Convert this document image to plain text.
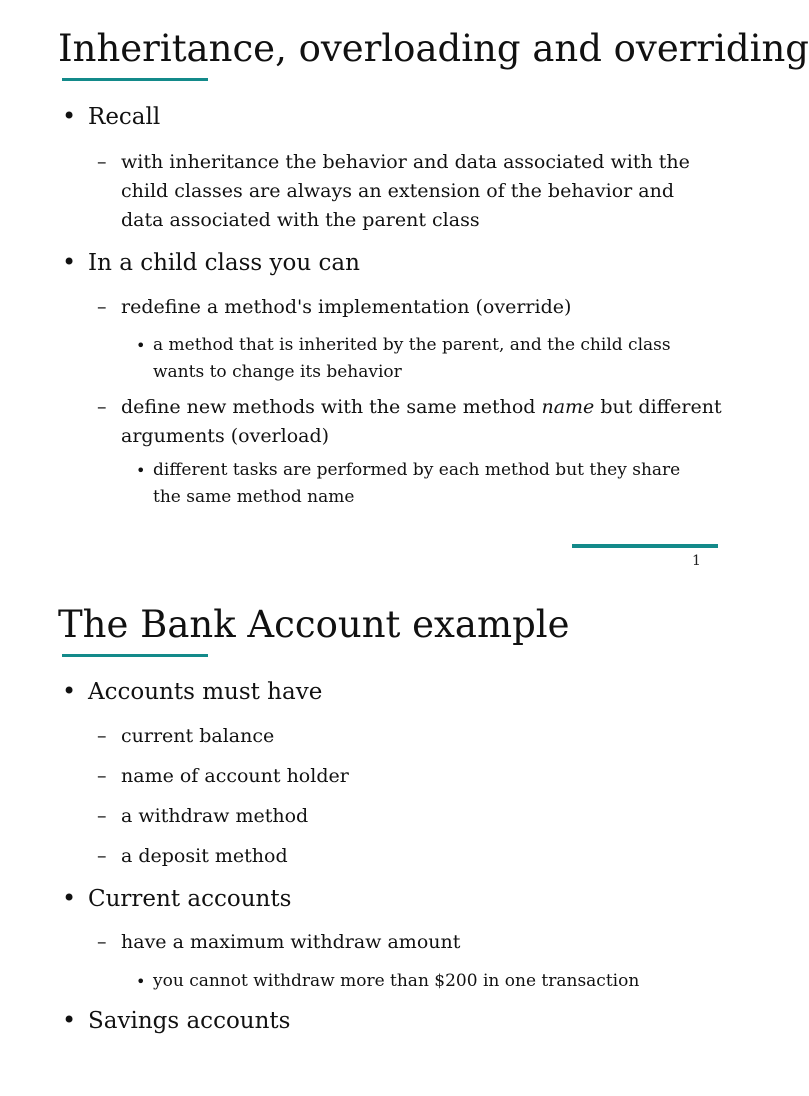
Inheritance, overloading and overriding
• Recall
– with inheritance the behavior and data associated with the child classes are always an extension of the behavior and data associated with the parent class
• In a child class you can
– redefine a method's implementation (override)
• a method that is inherited by the parent, and the child class wants to change its behavior
– define new methods with the same method name but different arguments (overload)
• different tasks are performed by each method but they share the same method name
1
The Bank Account example
• Accounts must have
– current balance
– name of account holder
– a withdraw method
– a deposit method
• Current accounts
– have a maximum withdraw amount
• you cannot withdraw more than $200 in one transaction
• Savings accounts
